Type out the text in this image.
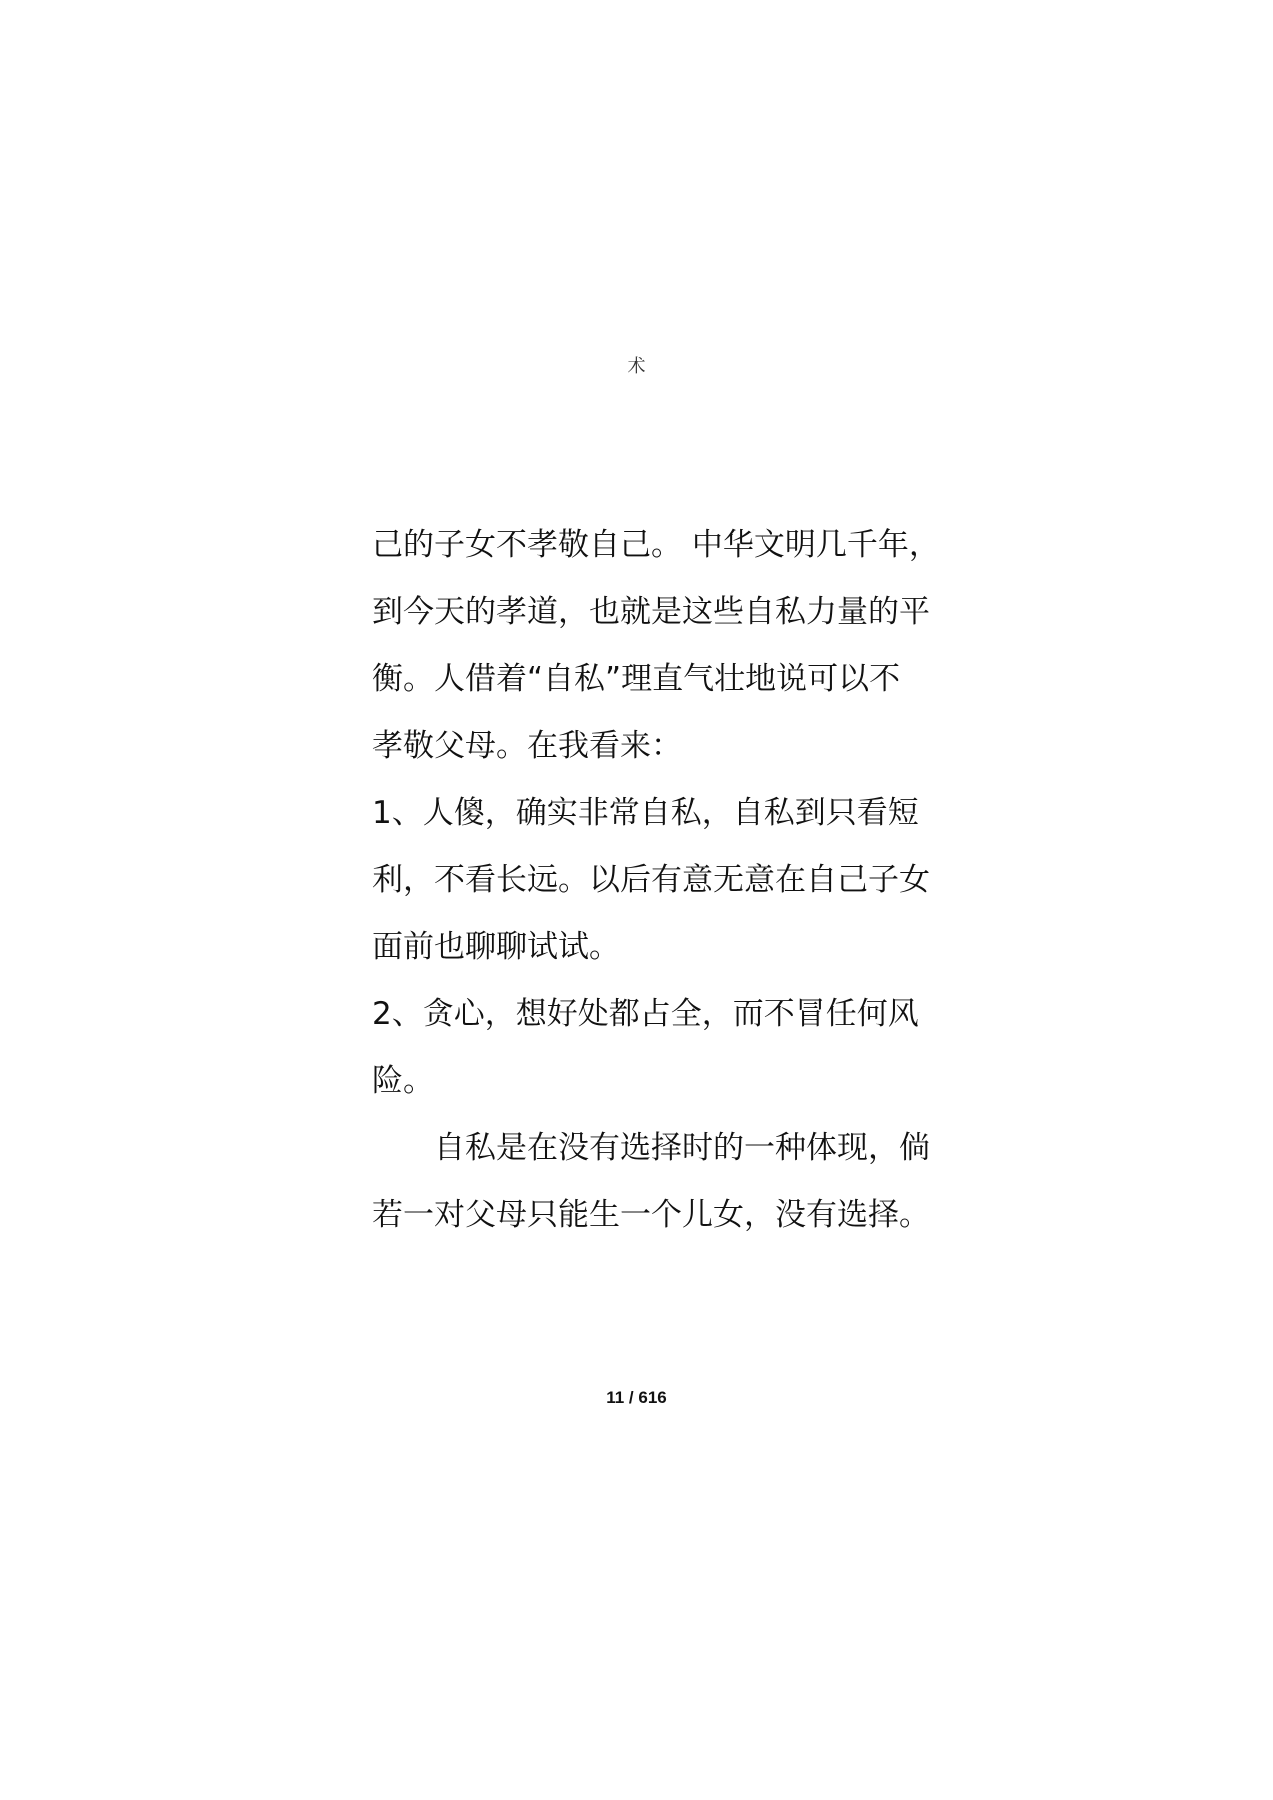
术
己的子女不孝敬自己。 中华文明几千年，
到今天的孝道，也就是这些自私力量的平
衡。人借着“自私”理直气壮地说可以不
孝敬父母。在我看来：
1、人傻，确实非常自私，自私到只看短
利，不看长远。以后有意无意在自己子女
面前也聊聊试试。
2、贪心，想好处都占全，而不冒任何风
险。
自私是在没有选择时的一种体现，倘
若一对父母只能生一个儿女，没有选择。
11 / 616
